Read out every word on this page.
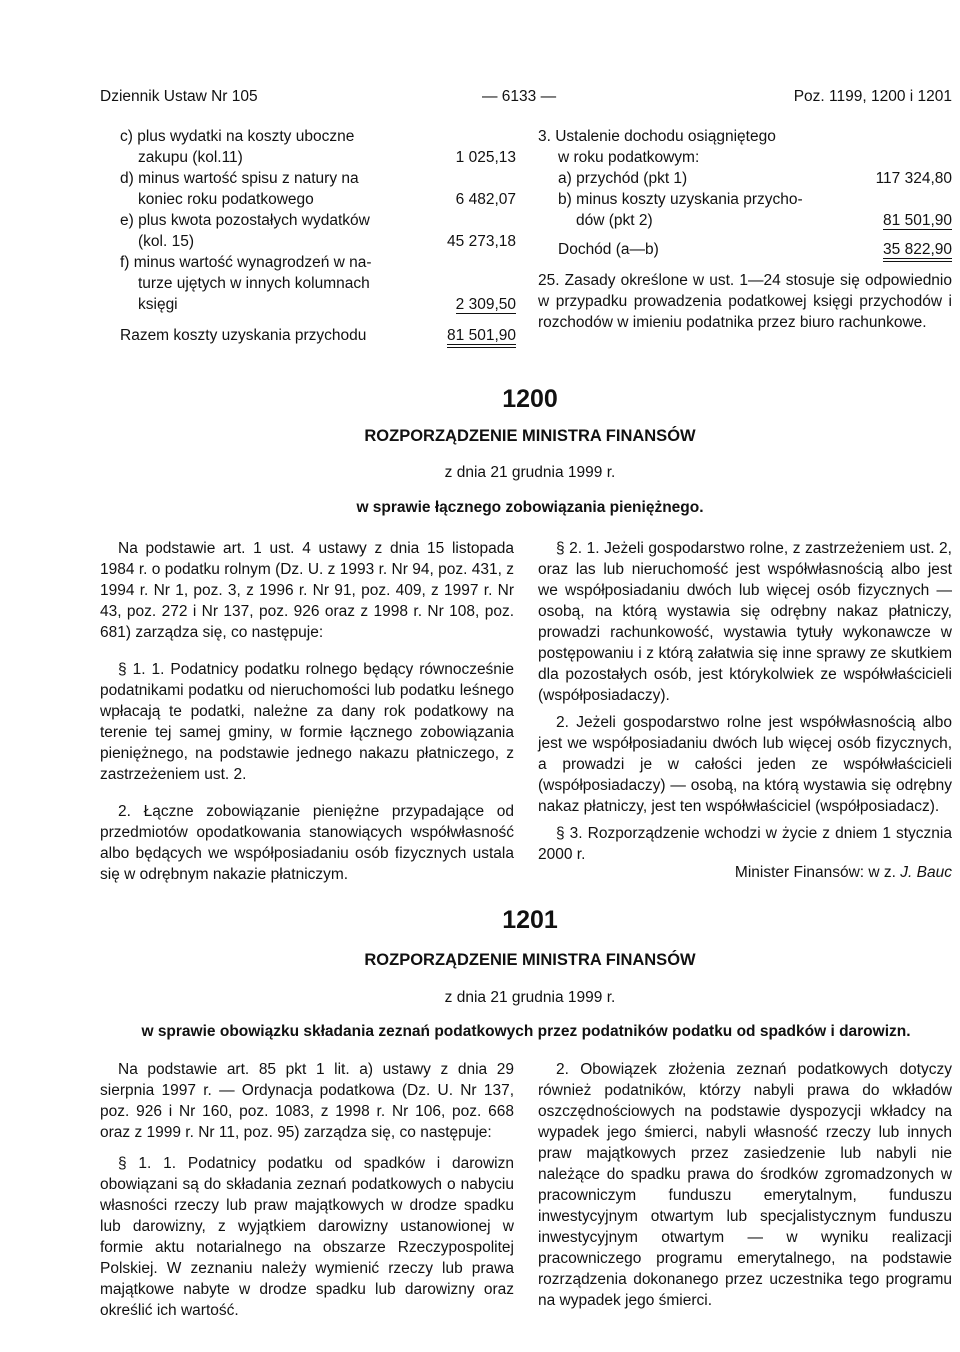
Dziennik Ustaw Nr 105	— 6133 —	Poz. 1199, 1200 i 1201
c) plus wydatki na koszty uboczne
zakupu (kol.11)	1 025,13
d) minus wartość spisu z natury na
koniec roku podatkowego	6 482,07
e) plus kwota pozostałych wydatków
(kol. 15)	45 273,18
f) minus wartość wynagrodzeń w na-
turze ujętych w innych kolumnach
księgi	2 309,50
Razem koszty uzyskania przychodu	81 501,90
3. Ustalenie dochodu osiągniętego
w roku podatkowym:
a) przychód (pkt 1)	117 324,80
b) minus koszty uzyskania przycho-
dów (pkt 2)	81 501,90
Dochód (a—b)	35 822,90

25. Zasady określone w ust. 1—24 stosuje się odpowiednio w przypadku prowadzenia podatkowej księgi przychodów i rozchodów w imieniu podatnika przez biuro rachunkowe.

1200
ROZPORZĄDZENIE MINISTRA FINANSÓW
z dnia 21 grudnia 1999 r.
w sprawie łącznego zobowiązania pieniężnego.

Na podstawie art. 1 ust. 4 ustawy z dnia 15 listopada 1984 r. o podatku rolnym (Dz. U. z 1993 r. Nr 94, poz. 431, z 1994 r. Nr 1, poz. 3, z 1996 r. Nr 91, poz. 409, z 1997 r. Nr 43, poz. 272 i Nr 137, poz. 926 oraz z 1998 r. Nr 108, poz. 681) zarządza się, co następuje:

§ 1. 1. Podatnicy podatku rolnego będący równocześnie podatnikami podatku od nieruchomości lub podatku leśnego wpłacają te podatki, należne za dany rok podatkowy na terenie tej samej gminy, w formie łącznego zobowiązania pieniężnego, na podstawie jednego nakazu płatniczego, z zastrzeżeniem ust. 2.

2. Łączne zobowiązanie pieniężne przypadające od przedmiotów opodatkowania stanowiących współwłasność albo będących we współposiadaniu osób fizycznych ustala się w odrębnym nakazie płatniczym.

§ 2. 1. Jeżeli gospodarstwo rolne, z zastrzeżeniem ust. 2, oraz las lub nieruchomość jest współwłasnością albo jest we współposiadaniu dwóch lub więcej osób fizycznych — osobą, na którą wystawia się odrębny nakaz płatniczy, prowadzi rachunkowość, wystawia tytuły wykonawcze w postępowaniu i z którą załatwia się inne sprawy ze skutkiem dla pozostałych osób, jest którykolwiek ze współwłaścicieli (współposiadaczy).

2. Jeżeli gospodarstwo rolne jest współwłasnością albo jest we współposiadaniu dwóch lub więcej osób fizycznych, a prowadzi je w całości jeden ze współwłaścicieli (współposiadaczy) — osobą, na którą wystawia się odrębny nakaz płatniczy, jest ten współwłaściciel (współposiadacz).

§ 3. Rozporządzenie wchodzi w życie z dniem 1 stycznia 2000 r.

Minister Finansów: w z. J. Bauc
1201
ROZPORZĄDZENIE MINISTRA FINANSÓW
z dnia 21 grudnia 1999 r.
w sprawie obowiązku składania zeznań podatkowych przez podatników podatku od spadków i darowizn.

Na podstawie art. 85 pkt 1 lit. a) ustawy z dnia 29 sierpnia 1997 r. — Ordynacja podatkowa (Dz. U. Nr 137, poz. 926 i Nr 160, poz. 1083, z 1998 r. Nr 106, poz. 668 oraz z 1999 r. Nr 11, poz. 95) zarządza się, co następuje:

§ 1. 1. Podatnicy podatku od spadków i darowizn obowiązani są do składania zeznań podatkowych o nabyciu własności rzeczy lub praw majątkowych w drodze spadku lub darowizny, z wyjątkiem darowizny ustanowionej w formie aktu notarialnego na obszarze Rzeczypospolitej Polskiej. W zeznaniu należy wymienić rzeczy lub prawa majątkowe nabyte w drodze spadku lub darowizny oraz określić ich wartość.

2. Obowiązek złożenia zeznań podatkowych dotyczy również podatników, którzy nabyli prawa do wkładów oszczędnościowych na podstawie dyspozycji wkładcy na wypadek jego śmierci, nabyli własność rzeczy lub innych praw majątkowych przez zasiedzenie lub nabyli nie należące do spadku prawa do środków zgromadzonych w pracowniczym funduszu emerytalnym, funduszu inwestycyjnym otwartym lub specjalistycznym funduszu inwestycyjnym otwartym — w wyniku realizacji pracowniczego programu emerytalnego, na podstawie rozrządzenia dokonanego przez uczestnika tego programu na wypadek jego śmierci.
